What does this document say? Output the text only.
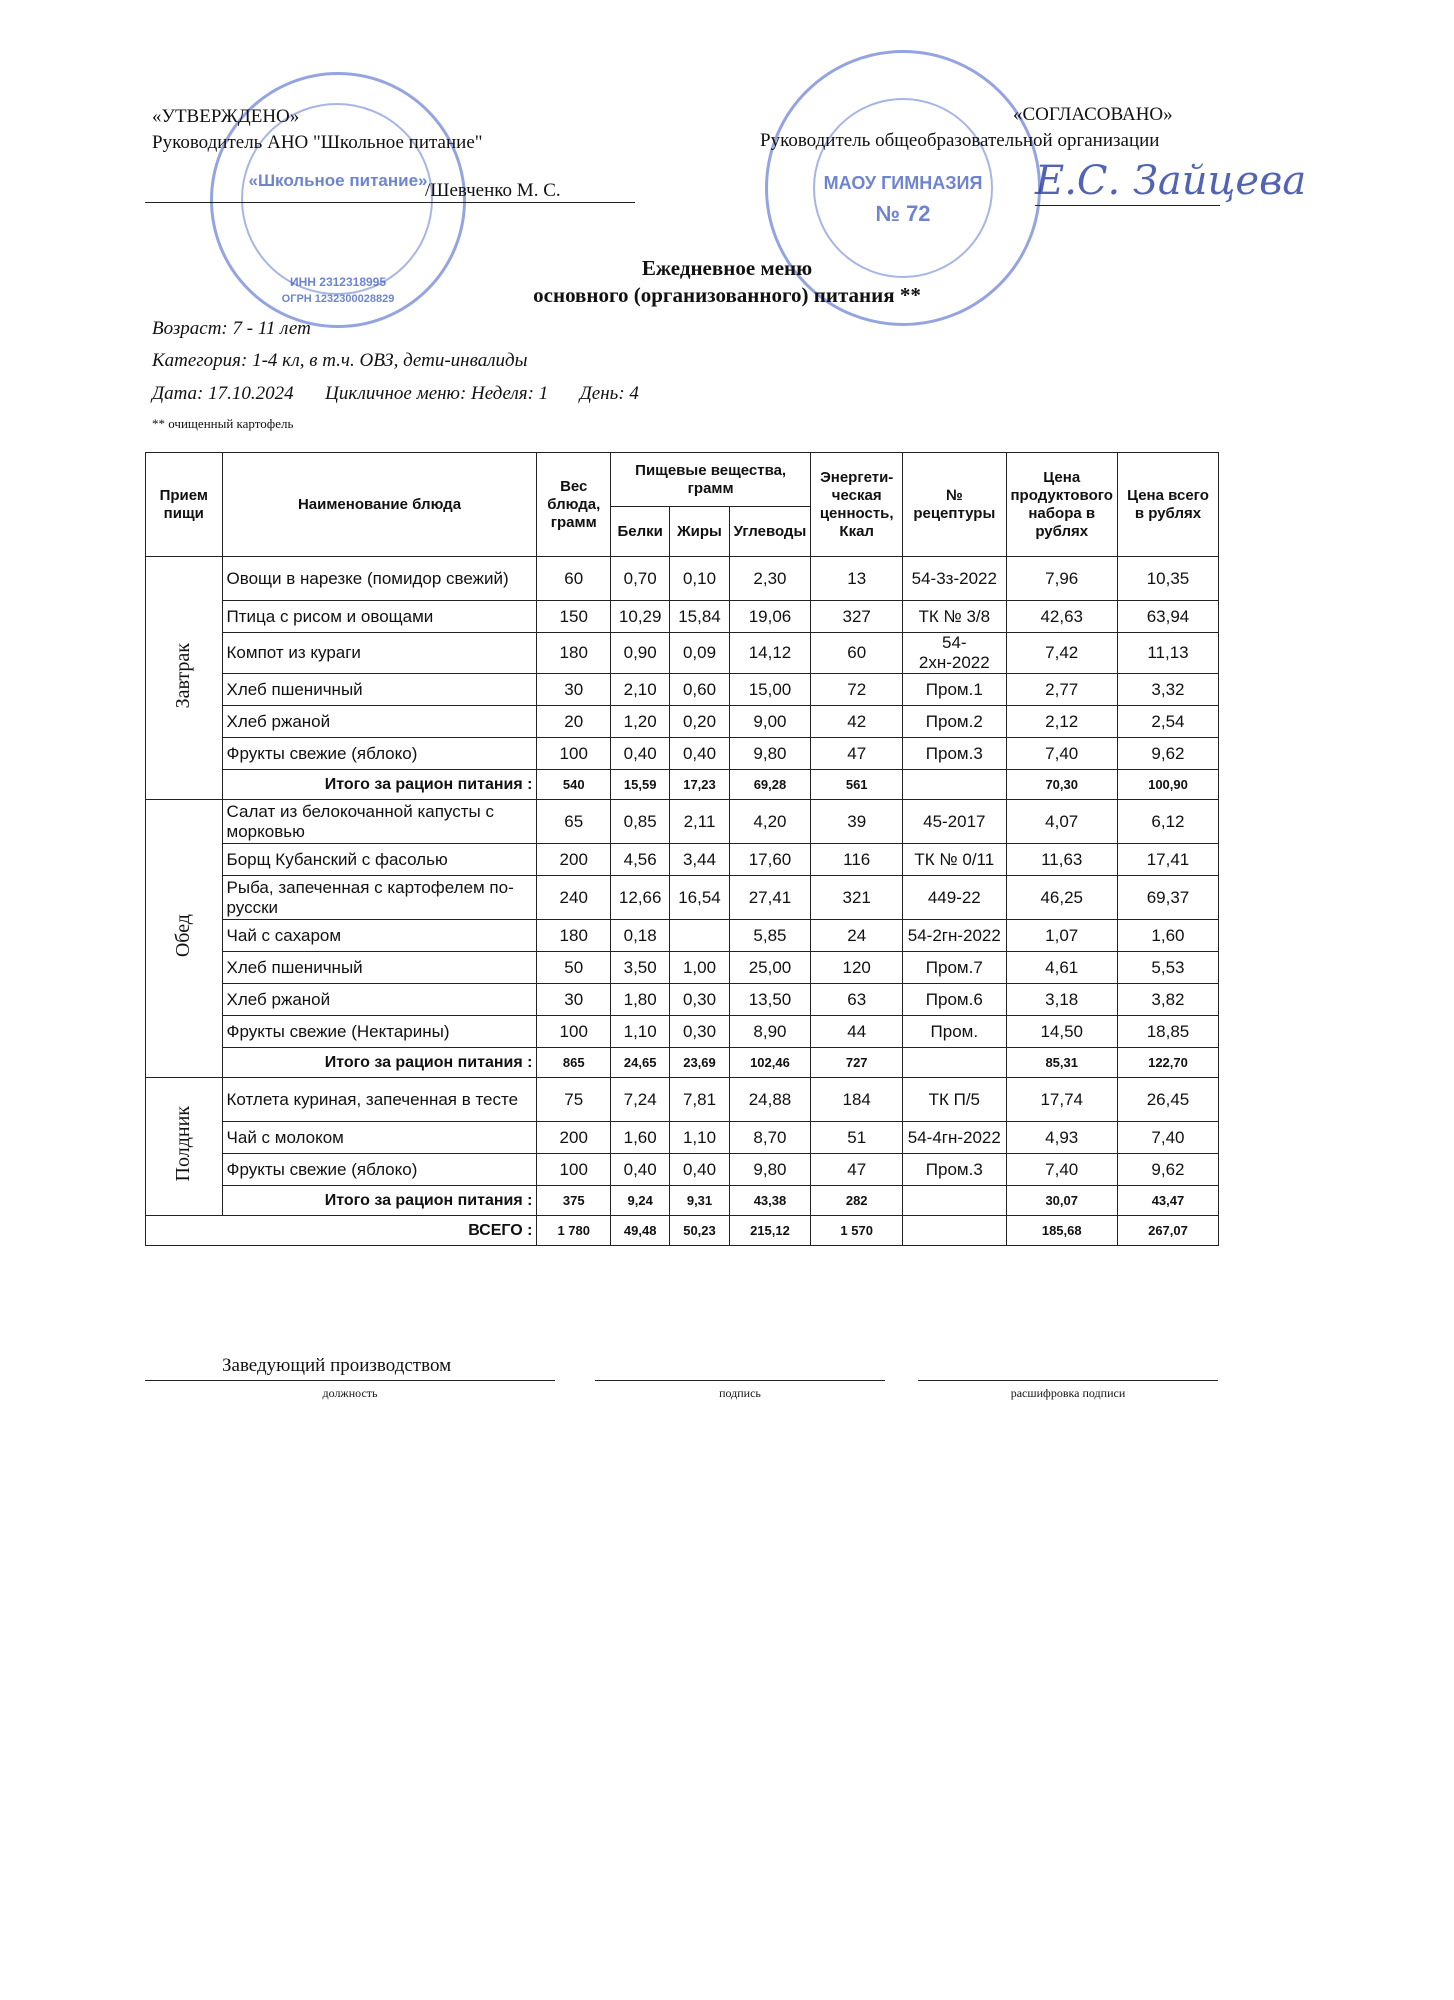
«Школьное питание»
ИНН 2312318995
ОГРН 1232300028829
МАОУ ГИМНАЗИЯ
№ 72
«УТВЕРЖДЕНО»
Руководитель АНО "Школьное питание"
/Шевченко М. С.
«СОГЛАСОВАНО»
Руководитель общеобразовательной организации
Е.С. Зайцева
Ежедневное меню
основного (организованного) питания **
Возраст: 7 - 11 лет
Категория: 1-4 кл, в т.ч. ОВЗ, дети-инвалиды
Дата: 17.10.2024 Цикличное меню: Неделя: 1 День: 4
** очищенный картофель
Прием пищи	Наименование блюда	Вес блюда, грамм	Пищевые вещества, грамм			Энергети-ческая ценность, Ккал	№ рецептуры	Цена продуктового набора в рублях	Цена всего в рублях
			Белки	Жиры	Углеводы				
Завтрак	Овощи в нарезке (помидор свежий)	60	0,70	0,10	2,30	13	54-3з-2022	7,96	10,35
	Птица с рисом и овощами	150	10,29	15,84	19,06	327	ТК № 3/8	42,63	63,94
	Компот из кураги	180	0,90	0,09	14,12	60	54-2хн-2022	7,42	11,13
	Хлеб пшеничный	30	2,10	0,60	15,00	72	Пром.1	2,77	3,32
	Хлеб ржаной	20	1,20	0,20	9,00	42	Пром.2	2,12	2,54
	Фрукты свежие (яблоко)	100	0,40	0,40	9,80	47	Пром.3	7,40	9,62
	Итого за рацион питания :	540	15,59	17,23	69,28	561		70,30	100,90
Обед	Салат из белокочанной капусты с морковью	65	0,85	2,11	4,20	39	45-2017	4,07	6,12
	Борщ Кубанский с фасолью	200	4,56	3,44	17,60	116	ТК № 0/11	11,63	17,41
	Рыба, запеченная с картофелем по-русски	240	12,66	16,54	27,41	321	449-22	46,25	69,37
	Чай с сахаром	180	0,18		5,85	24	54-2гн-2022	1,07	1,60
	Хлеб пшеничный	50	3,50	1,00	25,00	120	Пром.7	4,61	5,53
	Хлеб ржаной	30	1,80	0,30	13,50	63	Пром.6	3,18	3,82
	Фрукты свежие (Нектарины)	100	1,10	0,30	8,90	44	Пром.	14,50	18,85
	Итого за рацион питания :	865	24,65	23,69	102,46	727		85,31	122,70
Полдник	Котлета куриная, запеченная в тесте	75	7,24	7,81	24,88	184	ТК П/5	17,74	26,45
	Чай с молоком	200	1,60	1,10	8,70	51	54-4гн-2022	4,93	7,40
	Фрукты свежие (яблоко)	100	0,40	0,40	9,80	47	Пром.3	7,40	9,62
	Итого за рацион питания :	375	9,24	9,31	43,38	282		30,07	43,47
ВСЕГО :		1 780	49,48	50,23	215,12	1 570		185,68	267,07
Заведующий производством
должность	подпись	расшифровка подписи
